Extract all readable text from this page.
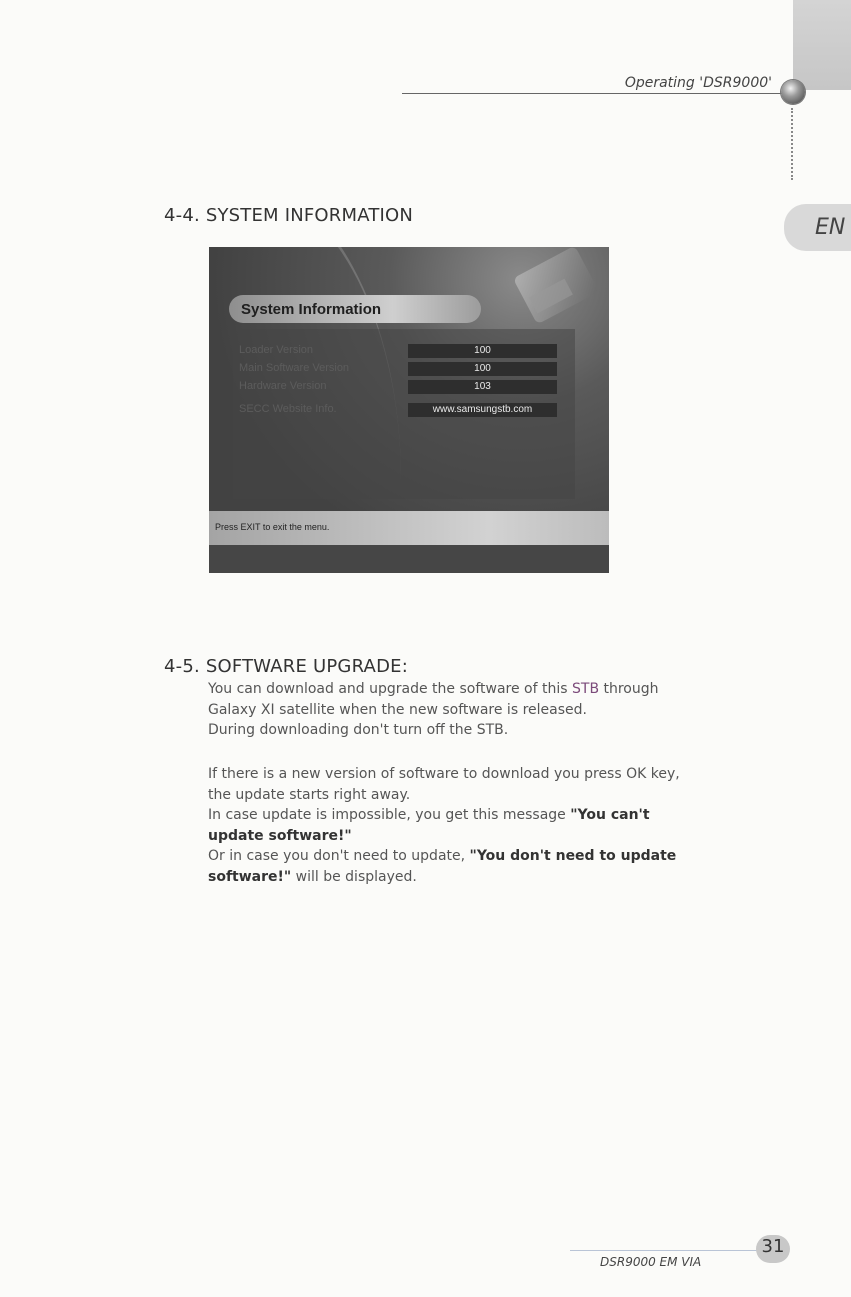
Operating 'DSR9000'
EN
4-4. SYSTEM INFORMATION
System Information
Loader Version	100
Main Software Version	100
Hardware Version	103
SECC Website Info.	www.samsungstb.com
Press EXIT to exit the menu.
4-5. SOFTWARE UPGRADE:
You can download and upgrade the software of this STB through
Galaxy XI satellite when the new software is released.
During downloading don't turn off the STB.
If there is a new version of software to download you press OK key,
the update starts right away.
In case update is impossible, you get this message "You can't
update software!"
Or in case you don't need to update, "You don't need to update
software!" will be displayed.
DSR9000 EM VIA
31
